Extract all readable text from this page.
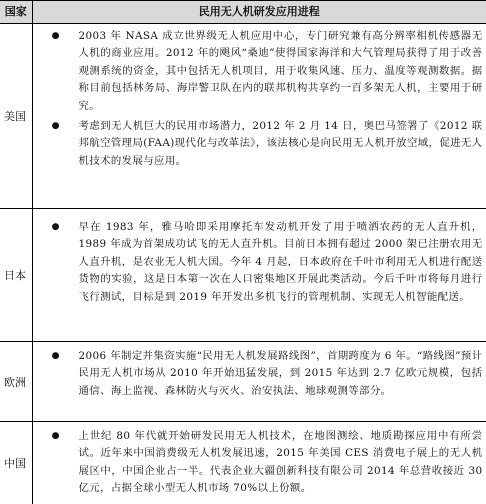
国家	民用无人机研发应用进程
美国	● 2003 年 NASA 成立世界级无人机应用中心，专门研究兼有高分辨率相机传感器无人机的商业应用。2012 年的飓风“桑迪”使得国家海洋和大气管理局获得了用于改善观测系统的资金，其中包括无人机项目，用于收集风速、压力、温度等观测数据。据称目前包括林务局、海岸警卫队在内的联邦机构共享约一百多架无人机，主要用于研究。
● 考虑到无人机巨大的民用市场潜力，2012 年 2 月 14 日，奥巴马签署了《2012 联邦航空管理局(FAA)现代化与改革法》，该法核心是向民用无人机开放空域，促进无人机技术的发展与应用。

日本	● 早在 1983 年，雅马哈即采用摩托车发动机开发了用于喷洒农药的无人直升机，1989 年成为首架成功试飞的无人直升机。目前日本拥有超过 2000 架已注册农用无人直升机，是农业无人机大国。今年 4 月起，日本政府在千叶市利用无人机进行配送货物的实验，这是日本第一次在人口密集地区开展此类活动。今后千叶市将每月进行飞行测试，目标是到 2019 年开发出多机飞行的管理机制、实现无人机智能配送。

欧洲	● 2006 年制定并集资实施“民用无人机发展路线图”，首期跨度为 6 年。“路线图”预计民用无人机市场从 2010 年开始迅猛发展，到 2015 年达到 2.7 亿欧元规模，包括通信、海上监视、森林防火与灭火、治安执法、地球观测等部分。

中国	● 上世纪 80 年代就开始研发民用无人机技术，在地图测绘、地质勘探应用中有所尝试。近年来中国消费级无人机发展迅速，2015 年美国 CES 消费电子展上的无人机展区中，中国企业占一半。代表企业大疆创新科技有限公司 2014 年总营收接近 30 亿元，占据全球小型无人机市场 70%以上份额。
